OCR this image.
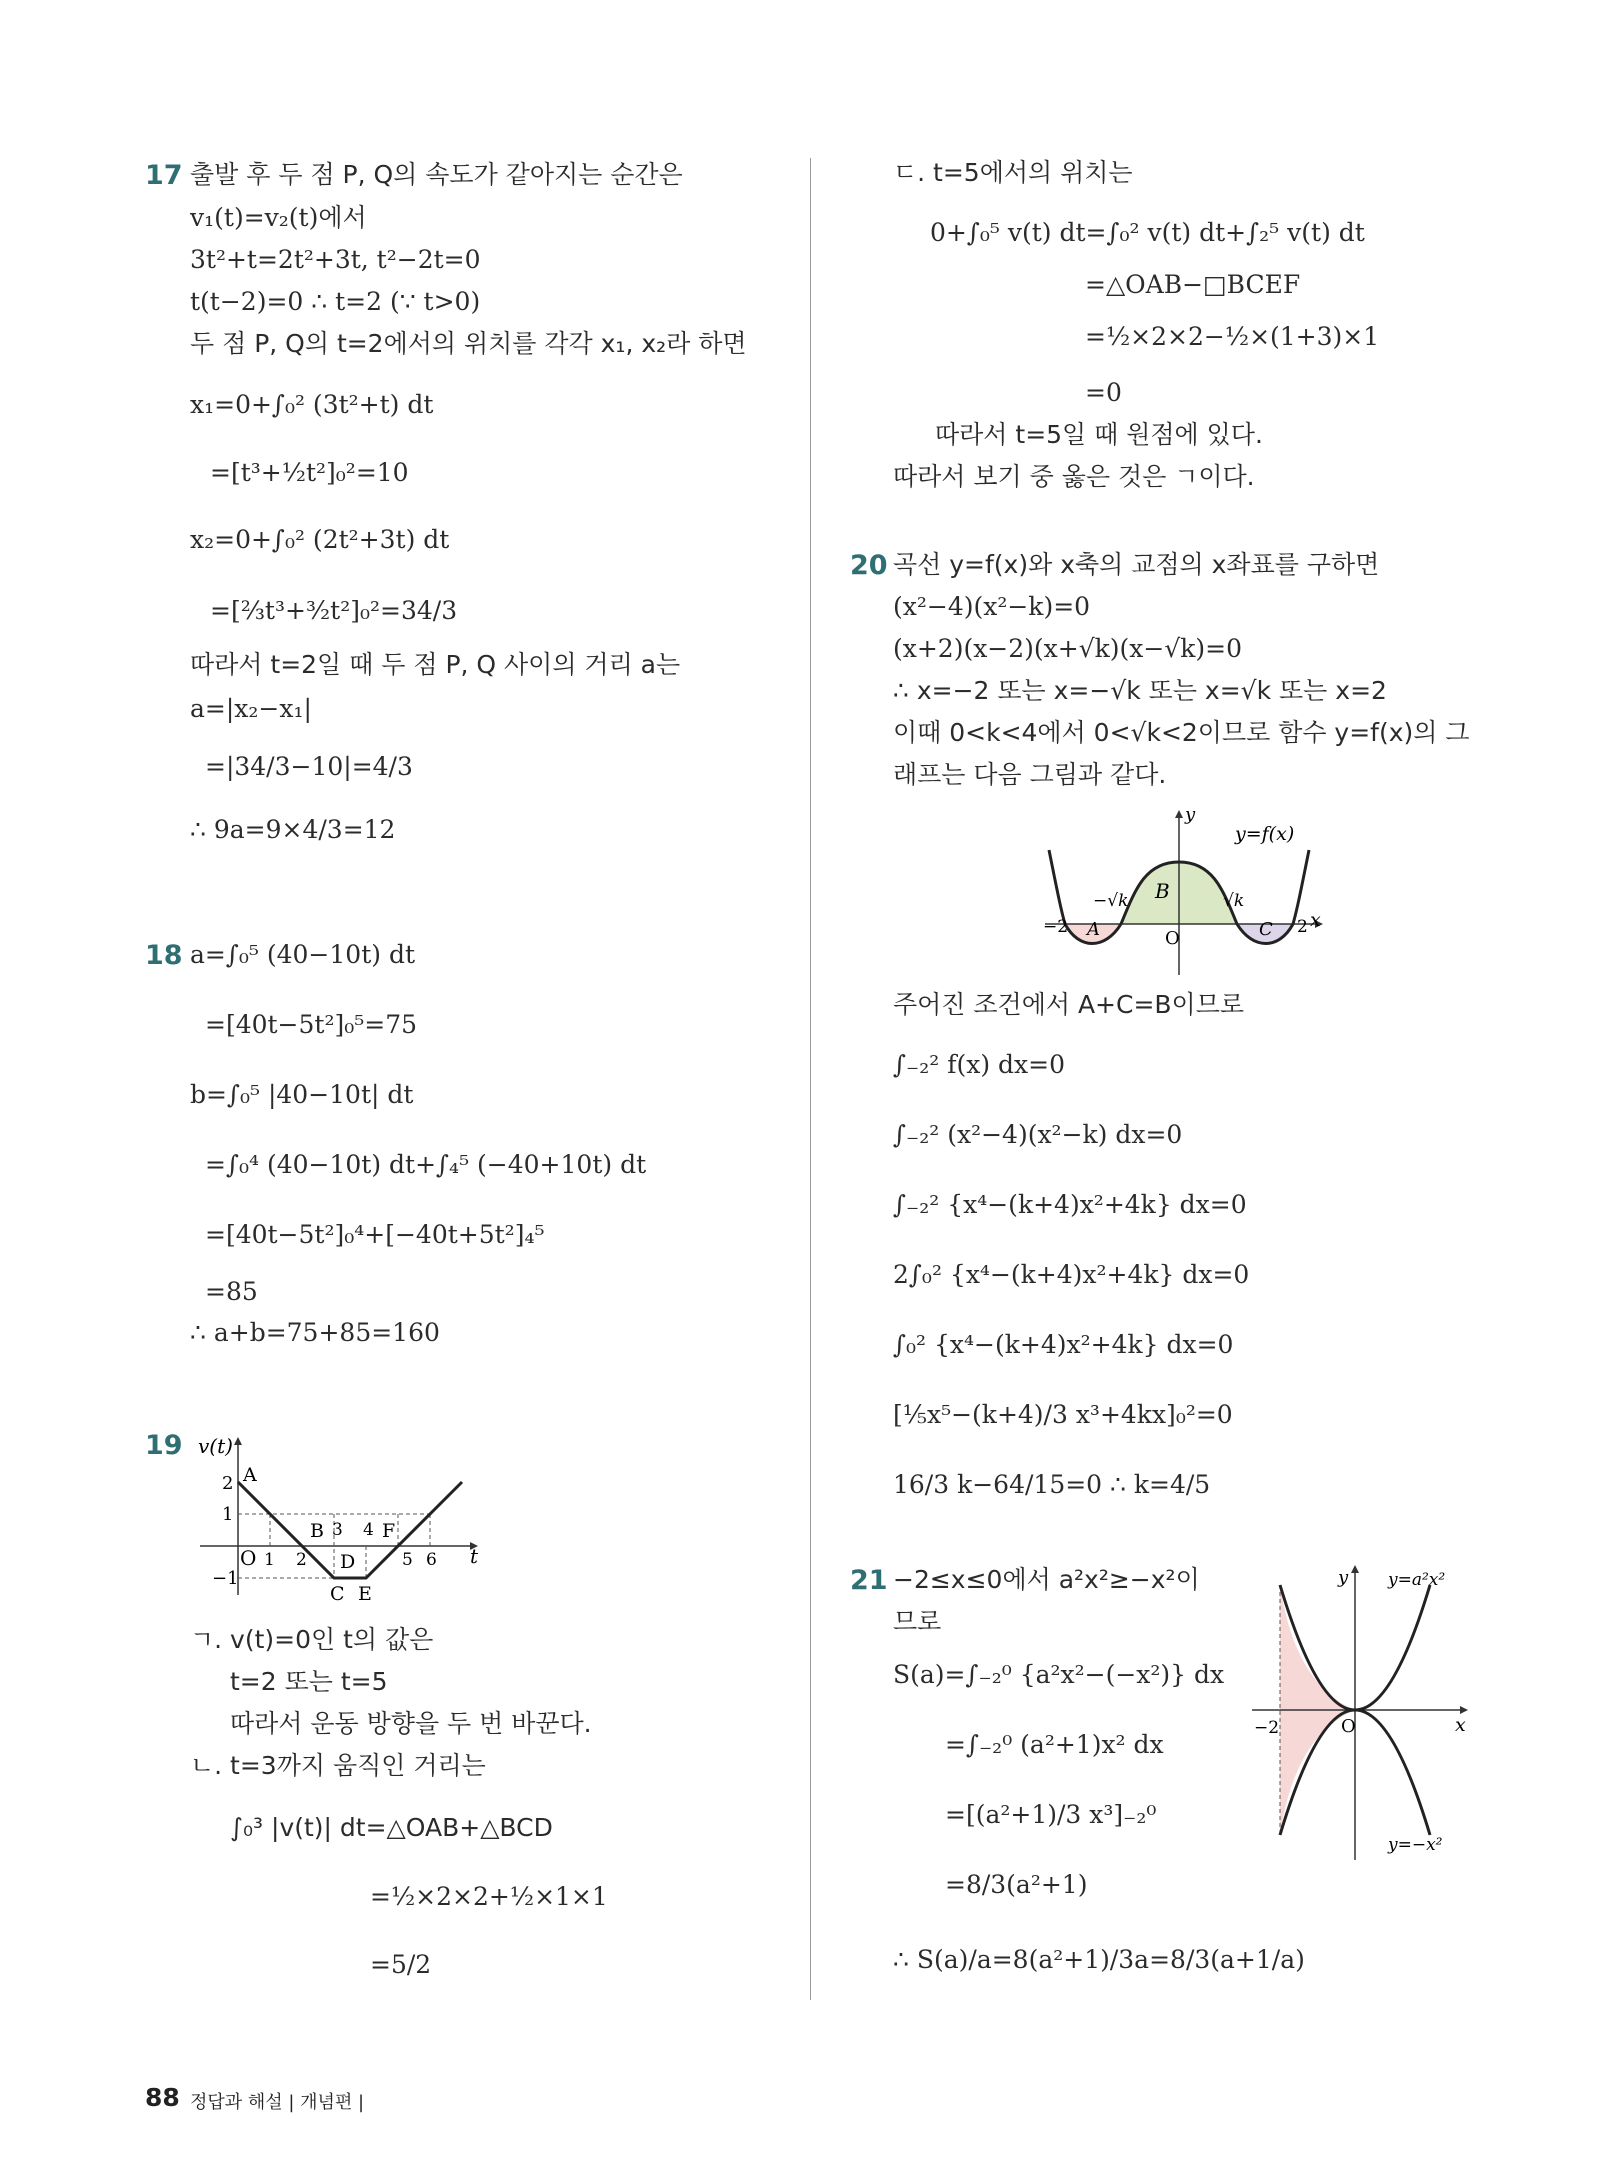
17 출발 후 두 점 P, Q의 속도가 같아지는 순간은
v₁(t)=v₂(t)에서
3t²+t=2t²+3t, t²−2t=0
t(t−2)=0 ∴ t=2 (∵ t>0)
두 점 P, Q의 t=2에서의 위치를 각각 x₁, x₂라 하면
x₁=0+∫₀² (3t²+t) dt
=[t³+½t²]₀²=10
x₂=0+∫₀² (2t²+3t) dt
=[⅔t³+³⁄₂t²]₀²=34/3
따라서 t=2일 때 두 점 P, Q 사이의 거리 a는
a=|x₂−x₁|
=|34/3−10|=4/3
∴ 9a=9×4/3=12
18 a=∫₀⁵ (40−10t) dt
=[40t−5t²]₀⁵=75
b=∫₀⁵ |40−10t| dt
=∫₀⁴ (40−10t) dt+∫₄⁵ (−40+10t) dt
=[40t−5t²]₀⁴+[−40t+5t²]₄⁵
=85
∴ a+b=75+85=160
19 v(t)
t
O
2
1
−1
1 2
3 4
5 6
A
B
C
D
E
F
ㄱ. v(t)=0인 t의 값은
t=2 또는 t=5
따라서 운동 방향을 두 번 바꾼다.
ㄴ. t=3까지 움직인 거리는
∫₀³ |v(t)| dt=△OAB+△BCD
=½×2×2+½×1×1
=5/2
ㄷ. t=5에서의 위치는
0+∫₀⁵ v(t) dt=∫₀² v(t) dt+∫₂⁵ v(t) dt
=△OAB−□BCEF
=½×2×2−½×(1+3)×1
=0
따라서 t=5일 때 원점에 있다.
따라서 보기 중 옳은 것은 ㄱ이다.
20 곡선 y=f(x)와 x축의 교점의 x좌표를 구하면
(x²−4)(x²−k)=0
(x+2)(x−2)(x+√k)(x−√k)=0
∴ x=−2 또는 x=−√k 또는 x=√k 또는 x=2
이때 0<k<4에서 0<√k<2이므로 함수 y=f(x)의 그
래프는 다음 그림과 같다.
y
x
y=f(x)
O
−√k	√k
−2	2
A
B
C
주어진 조건에서 A+C=B이므로
∫₋₂² f(x) dx=0
∫₋₂² (x²−4)(x²−k) dx=0
∫₋₂² {x⁴−(k+4)x²+4k} dx=0
2∫₀² {x⁴−(k+4)x²+4k} dx=0
∫₀² {x⁴−(k+4)x²+4k} dx=0
[⅕x⁵−(k+4)/3 x³+4kx]₀²=0
16/3 k−64/15=0 ∴ k=4/5
21 −2≤x≤0에서 a²x²≥−x²이
므로
S(a)=∫₋₂⁰ {a²x²−(−x²)} dx
=∫₋₂⁰ (a²+1)x² dx
=[(a²+1)/3 x³]₋₂⁰
=8/3(a²+1)
∴ S(a)/a=8(a²+1)/3a=8/3(a+1/a)
y
x
O
−2
y=a²x²
y=−x²
88 정답과 해설 | 개념편 |
